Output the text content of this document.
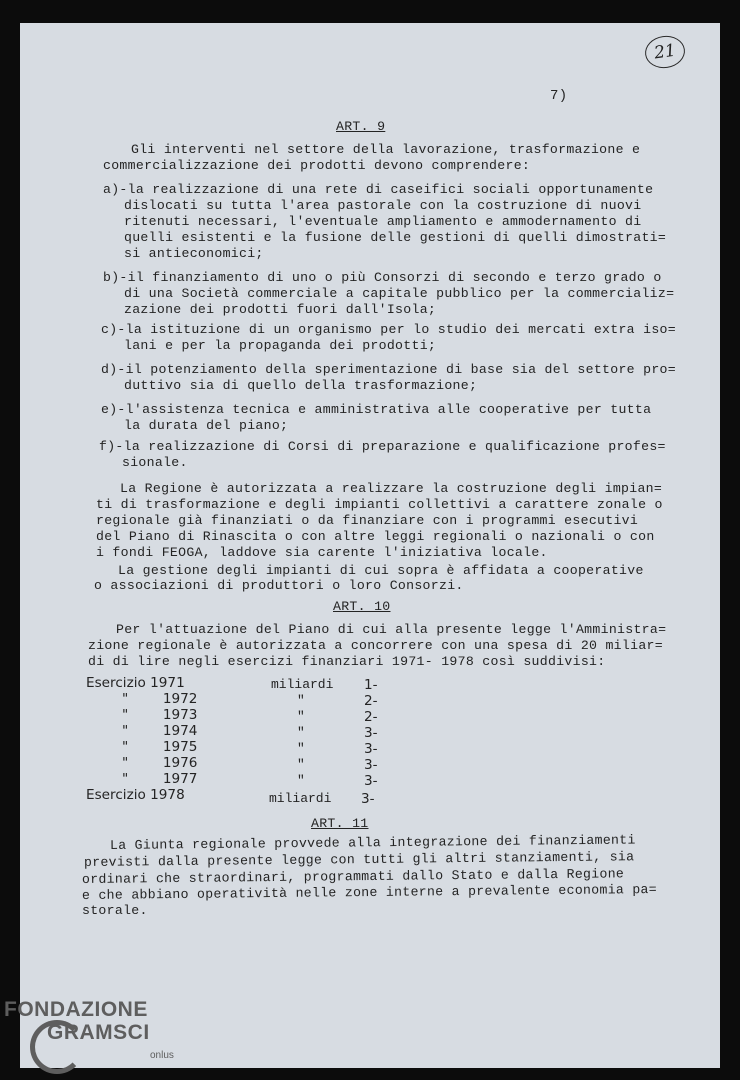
21
7)
ART. 9
Gli interventi nel settore della lavorazione, trasformazione e
commercializzazione dei prodotti devono comprendere:
a)-la realizzazione di una rete di caseifici sociali opportunamente
dislocati su tutta l'area pastorale con la costruzione di nuovi
ritenuti necessari, l'eventuale ampliamento e ammodernamento di
quelli esistenti e la fusione delle gestioni di quelli dimostrati=
si antieconomici;
b)-il finanziamento di uno o più Consorzi di secondo e terzo grado o
di una Società commerciale a capitale pubblico per la commercializ=
zazione dei prodotti fuori dall'Isola;
c)-la istituzione di un organismo per lo studio dei mercati extra iso=
lani e per la propaganda dei prodotti;
d)-il potenziamento della sperimentazione di base sia del settore pro=
duttivo sia di quello della trasformazione;
e)-l'assistenza tecnica e amministrativa alle cooperative per tutta
la durata del piano;
f)-la realizzazione di Corsi di preparazione e qualificazione profes=
sionale.
La Regione è autorizzata a realizzare la costruzione degli impian=
ti di trasformazione e degli impianti collettivi a carattere zonale o
regionale già finanziati o da finanziare con i programmi esecutivi
del Piano di Rinascita o con altre leggi regionali o nazionali o con
i fondi FEOGA, laddove sia carente l'iniziativa locale.
La gestione degli impianti di cui sopra è affidata a cooperative
o associazioni di produttori o loro Consorzi.
ART. 10
Per l'attuazione del Piano di cui alla presente legge l'Amministra=
zione regionale è autorizzata a concorrere con una spesa di 20 miliar=
di di lire negli esercizi finanziari 1971- 1978 così suddivisi:
Esercizio 1971	miliardi 1-
"        1972	"	2-
"        1973	"	2-
"        1974	"	3-
"        1975	"	3-
"        1976	"	3-
"        1977	"	3-
Esercizio 1978	miliardi 3-
ART. 11
La Giunta regionale provvede alla integrazione dei finanziamenti
previsti dalla presente legge con tutti gli altri stanziamenti, sia
ordinari che straordinari, programmati dallo Stato e dalla Regione
e che abbiano operatività nelle zone interne a prevalente economia pa=
storale.
FONDAZIONE
GRAMSCI
onlus
